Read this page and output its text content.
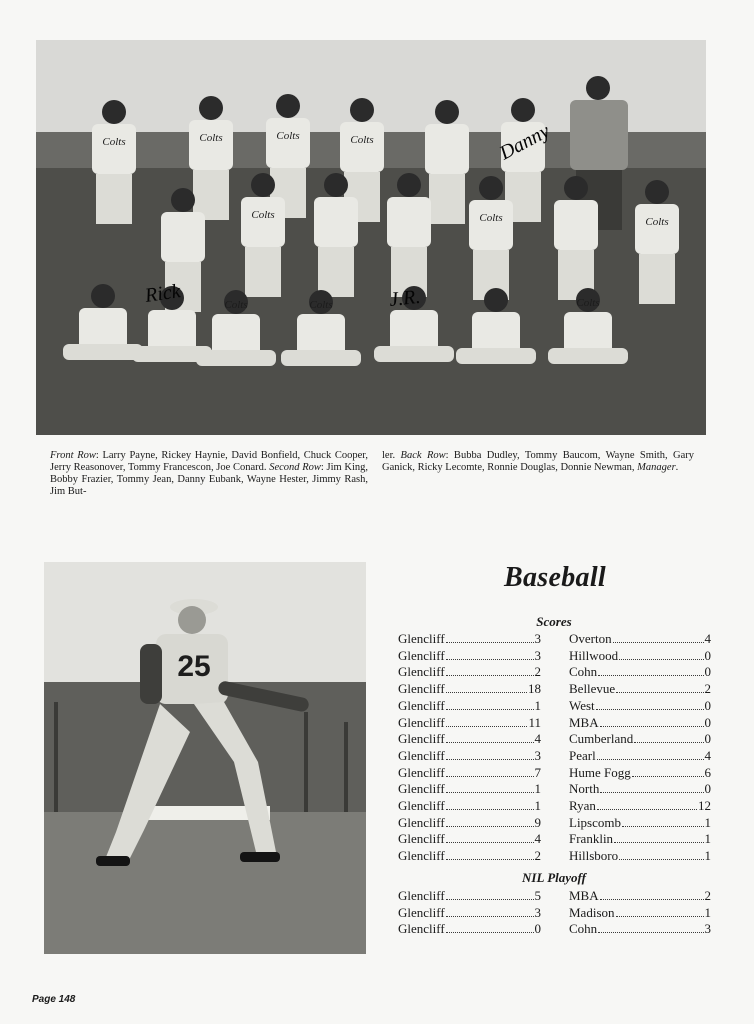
Colts	Colts	Colts	Colts
Colts	Colts	Colts
Colts	Colts	Colts
Rick	J.R.
Danny
Front Row: Larry Payne, Rickey Haynie, David Bonfield, Chuck Cooper, Jerry Reasonover, Tommy Francescon, Joe Conard. Second Row: Jim King, Bobby Frazier, Tommy Jean, Danny Eubank, Wayne Hester, Jimmy Rash, Jim But-
ler. Back Row: Bubba Dudley, Tommy Baucom, Wayne Smith, Gary Ganick, Ricky Lecomte, Ronnie Douglas, Donnie Newman, Manager.
25
Baseball
Scores
Glencliff	3 Overton	4
Glencliff	3 Hillwood	0
Glencliff	2 Cohn	0
Glencliff	18 Bellevue	2
Glencliff	1 West	0
Glencliff	11 MBA	0
Glencliff	4 Cumberland	0
Glencliff	3 Pearl	4
Glencliff	7 Hume Fogg	6
Glencliff	1 North	0
Glencliff	1 Ryan	12
Glencliff	9 Lipscomb	1
Glencliff	4 Franklin	1
Glencliff	2 Hillsboro	1
NIL Playoff
Glencliff	5 MBA	2
Glencliff	3 Madison	1
Glencliff	0 Cohn	3
Page 148
